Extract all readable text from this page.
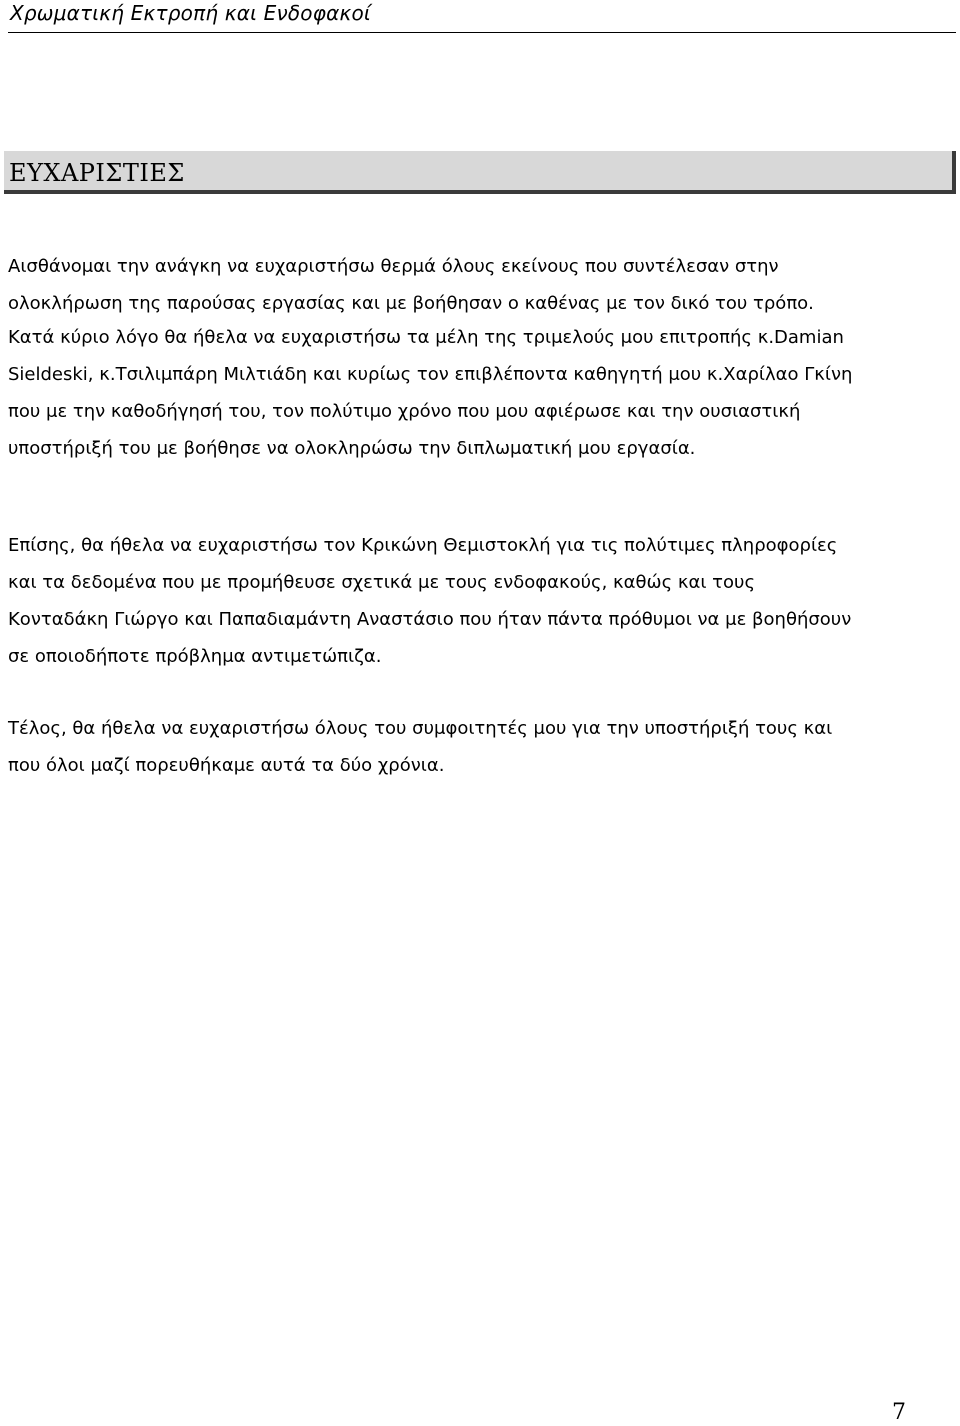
Χρωματική Εκτροπή και Ενδοφακοί
ΕΥΧΑΡΙΣΤΙΕΣ
Αισθάνομαι την ανάγκη να ευχαριστήσω θερμά όλους εκείνους που συντέλεσαν στην
ολοκλήρωση της παρούσας εργασίας και με βοήθησαν ο καθένας με τον δικό του τρόπο.
Κατά κύριο λόγο θα ήθελα να ευχαριστήσω τα μέλη της τριμελούς μου επιτροπής κ.Damian
Sieldeski, κ.Τσιλιμπάρη Μιλτιάδη και κυρίως τον επιβλέποντα καθηγητή μου κ.Χαρίλαο Γκίνη
που με την καθοδήγησή του, τον πολύτιμο χρόνο που μου αφιέρωσε και την ουσιαστική
υποστήριξή του με βοήθησε να ολοκληρώσω την διπλωματική μου εργασία.
Επίσης, θα ήθελα να ευχαριστήσω τον Κρικώνη Θεμιστοκλή για τις πολύτιμες πληροφορίες
και τα δεδομένα που με προμήθευσε σχετικά με τους ενδοφακούς, καθώς και τους
Κονταδάκη Γιώργο και Παπαδιαμάντη Αναστάσιο που ήταν πάντα πρόθυμοι να με βοηθήσουν
σε οποιοδήποτε πρόβλημα αντιμετώπιζα.
Τέλος, θα ήθελα να ευχαριστήσω όλους του συμφοιτητές μου για την υποστήριξή τους και
που όλοι μαζί πορευθήκαμε αυτά τα δύο χρόνια.
7
